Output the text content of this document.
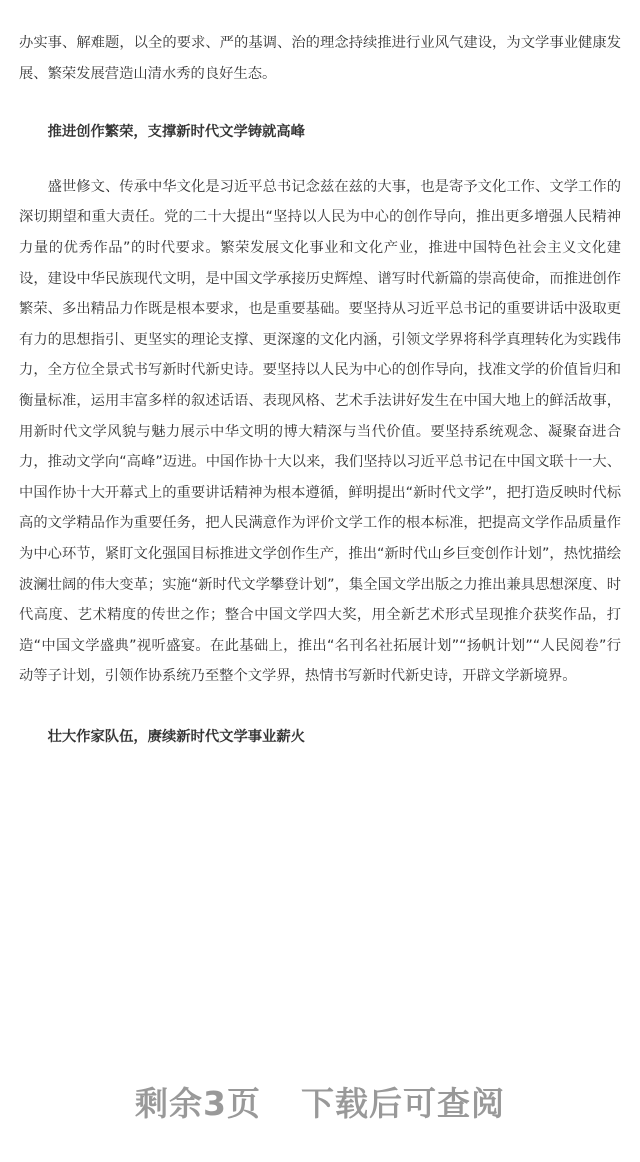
办实事、解难题，以全的要求、严的基调、治的理念持续推进行业风气建设，为文学事业健康发展、繁荣发展营造山清水秀的良好生态。

推进创作繁荣，支撑新时代文学铸就高峰

盛世修文、传承中华文化是习近平总书记念兹在兹的大事，也是寄予文化工作、文学工作的深切期望和重大责任。党的二十大提出“坚持以人民为中心的创作导向，推出更多增强人民精神力量的优秀作品”的时代要求。繁荣发展文化事业和文化产业，推进中国特色社会主义文化建设，建设中华民族现代文明，是中国文学承接历史辉煌、谱写时代新篇的崇高使命，而推进创作繁荣、多出精品力作既是根本要求，也是重要基础。要坚持从习近平总书记的重要讲话中汲取更有力的思想指引、更坚实的理论支撑、更深邃的文化内涵，引领文学界将科学真理转化为实践伟力，全方位全景式书写新时代新史诗。要坚持以人民为中心的创作导向，找准文学的价值旨归和衡量标准，运用丰富多样的叙述话语、表现风格、艺术手法讲好发生在中国大地上的鲜活故事，用新时代文学风貌与魅力展示中华文明的博大精深与当代价值。要坚持系统观念、凝聚奋进合力，推动文学向“高峰”迈进。中国作协十大以来，我们坚持以习近平总书记在中国文联十一大、中国作协十大开幕式上的重要讲话精神为根本遵循，鲜明提出“新时代文学”，把打造反映时代标高的文学精品作为重要任务，把人民满意作为评价文学工作的根本标准，把提高文学作品质量作为中心环节，紧盯文化强国目标推进文学创作生产，推出“新时代山乡巨变创作计划”，热忱描绘波澜壮阔的伟大变革；实施“新时代文学攀登计划”，集全国文学出版之力推出兼具思想深度、时代高度、艺术精度的传世之作；整合中国文学四大奖，用全新艺术形式呈现推介获奖作品，打造“中国文学盛典”视听盛宴。在此基础上，推出“名刊名社拓展计划”“扬帆计划”“人民阅卷”行动等子计划，引领作协系统乃至整个文学界，热情书写新时代新史诗，开辟文学新境界。

壮大作家队伍，赓续新时代文学事业薪火

剩余3页 下载后可查阅
